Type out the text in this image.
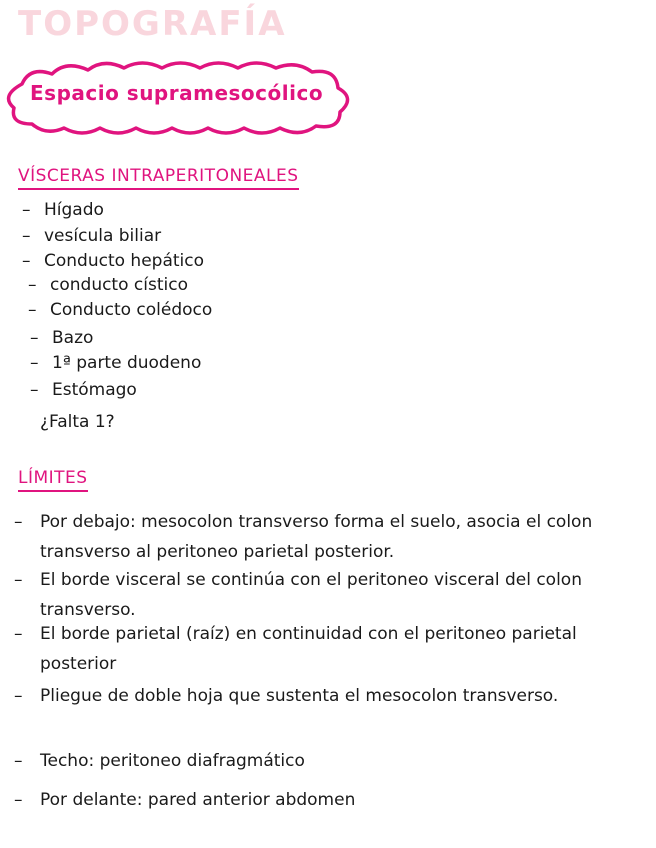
TOPOGRAFÍA
Espacio supramesocólico
VÍSCERAS INTRAPERITONEALES
– Hígado
– vesícula biliar
– Conducto hepático
– conducto cístico
– Conducto colédoco
– Bazo
– 1ª parte duodeno
– Estómago
¿Falta 1?
LÍMITES
–	Por debajo: mesocolon transverso forma el suelo, asocia el colon transverso al peritoneo parietal posterior.
–	El borde visceral se continúa con el peritoneo visceral del colon transverso.
–	El borde parietal (raíz) en continuidad con el peritoneo parietal posterior
–	Pliegue de doble hoja que sustenta el mesocolon transverso.
–	Techo: peritoneo diafragmático
–	Por delante: pared anterior abdomen
